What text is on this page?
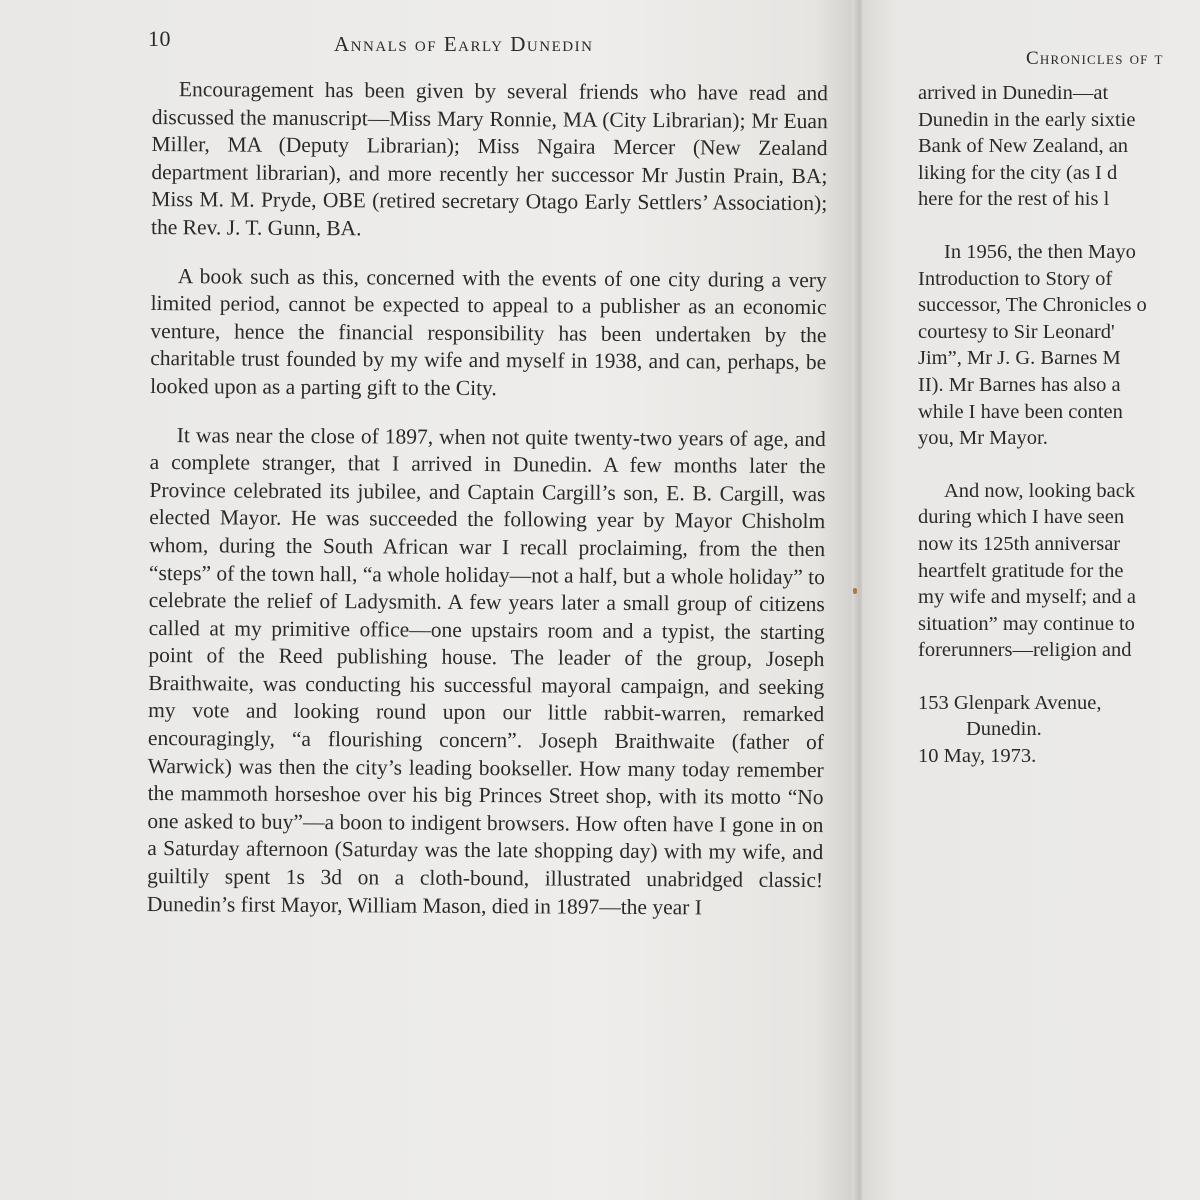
10	Annals of Early Dunedin

Encouragement has been given by several friends who have read and discussed the manuscript—Miss Mary Ronnie, MA (City Librarian); Mr Euan Miller, MA (Deputy Librarian); Miss Ngaira Mercer (New Zealand department librarian), and more recently her successor Mr Justin Prain, BA; Miss M. M. Pryde, OBE (retired secretary Otago Early Settlers’ Association); the Rev. J. T. Gunn, BA.

A book such as this, concerned with the events of one city during a very limited period, cannot be expected to appeal to a publisher as an economic venture, hence the financial responsibility has been undertaken by the charitable trust founded by my wife and myself in 1938, and can, perhaps, be looked upon as a parting gift to the City.

It was near the close of 1897, when not quite twenty-two years of age, and a complete stranger, that I arrived in Dunedin. A few months later the Province celebrated its jubilee, and Captain Cargill’s son, E. B. Cargill, was elected Mayor. He was succeeded the following year by Mayor Chisholm whom, during the South African war I recall proclaiming, from the then “steps” of the town hall, “a whole holiday—not a half, but a whole holiday” to celebrate the relief of Ladysmith. A few years later a small group of citizens called at my primitive office—one upstairs room and a typist, the starting point of the Reed publishing house. The leader of the group, Joseph Braithwaite, was conducting his successful mayoral campaign, and seeking my vote and looking round upon our little rabbit-warren, remarked encouragingly, “a flourishing concern”. Joseph Braithwaite (father of Warwick) was then the city’s leading bookseller. How many today remember the mammoth horseshoe over his big Princes Street shop, with its motto “No one asked to buy”—a boon to indigent browsers. How often have I gone in on a Saturday afternoon (Saturday was the late shopping day) with my wife, and guiltily spent 1s 3d on a cloth-bound, illustrated unabridged classic! Dunedin’s first Mayor, William Mason, died in 1897—the year I

Chronicles of t
arrived in Dunedin—at
Dunedin in the early sixtie
Bank of New Zealand, an
liking for the city (as I d
here for the rest of his l
In 1956, the then Mayo
Introduction to Story of
successor, The Chronicles o
courtesy to Sir Leonard'
Jim”, Mr J. G. Barnes M
II). Mr Barnes has also a
while I have been conten
you, Mr Mayor.
And now, looking back
during which I have seen
now its 125th anniversar
heartfelt gratitude for the
my wife and myself; and a
situation” may continue to
forerunners—religion and
153 Glenpark Avenue,
Dunedin.
10 May, 1973.
